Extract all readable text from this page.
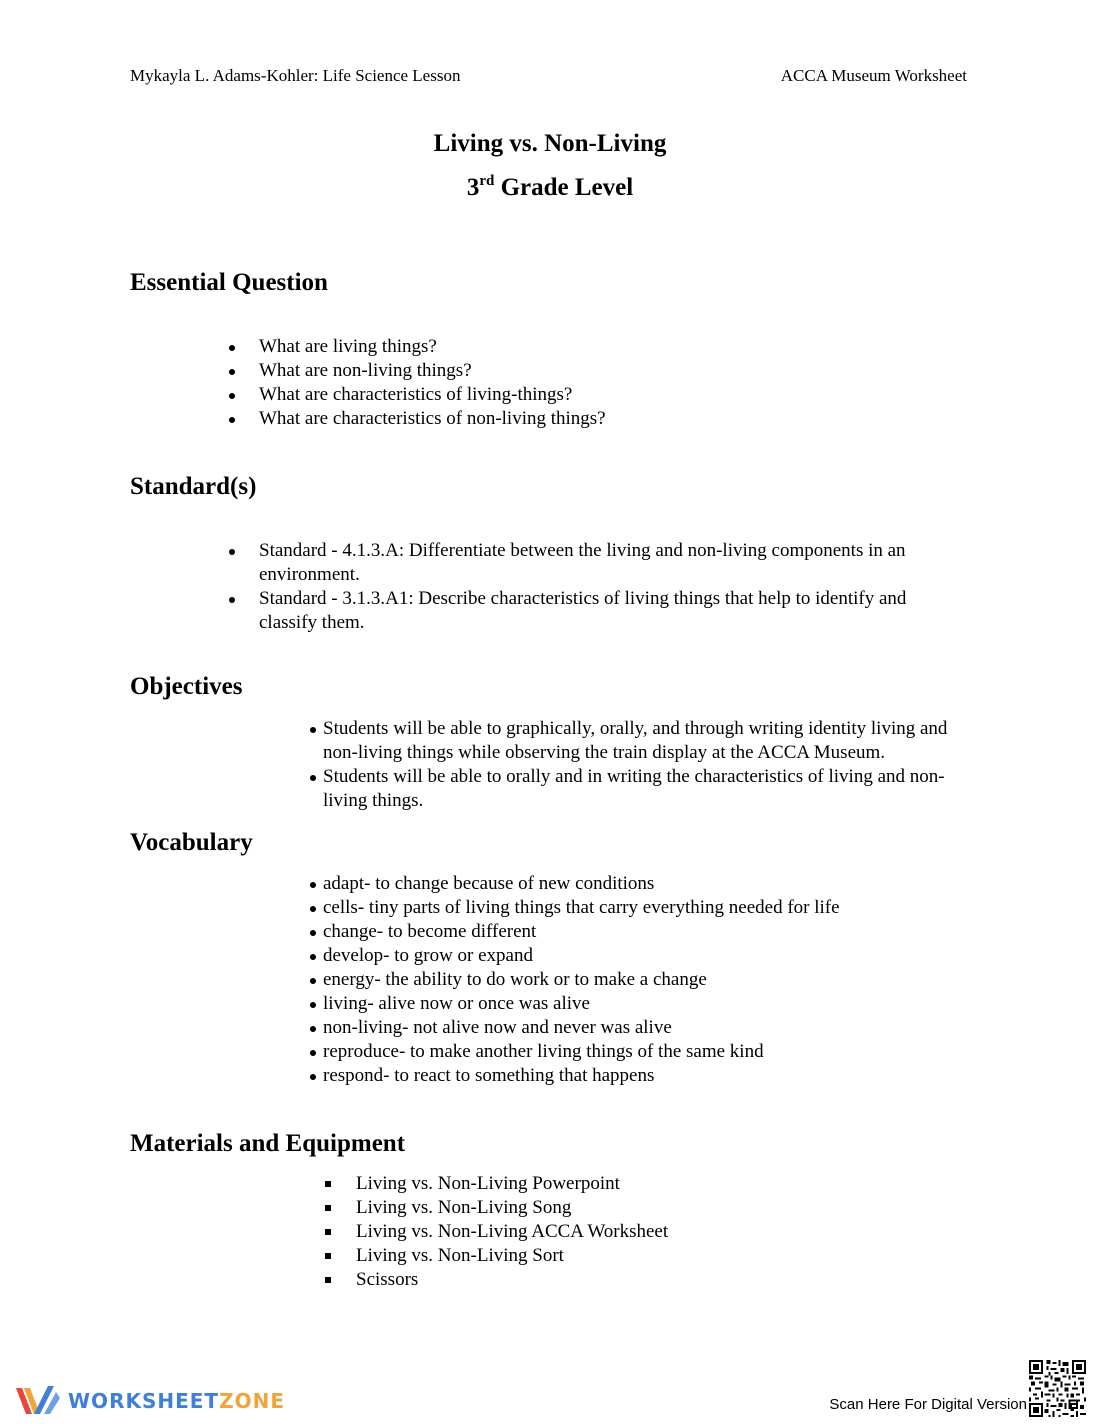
Mykayla L. Adams-Kohler: Life Science Lesson	ACCA Museum Worksheet
Living vs. Non-Living
3rd Grade Level
Essential Question
What are living things?
What are non-living things?
What are characteristics of living-things?
What are characteristics of non-living things?
Standard(s)
Standard - 4.1.3.A: Differentiate between the living and non-living components in an environment.
Standard - 3.1.3.A1: Describe characteristics of living things that help to identify and classify them.
Objectives
Students will be able to graphically, orally, and through writing identity living and non-living things while observing the train display at the ACCA Museum.
Students will be able to orally and in writing the characteristics of living and non-living things.
Vocabulary
adapt- to change because of new conditions
cells- tiny parts of living things that carry everything needed for life
change- to become different
develop- to grow or expand
energy- the ability to do work or to make a change
living- alive now or once was alive
non-living- not alive now and never was alive
reproduce- to make another living things of the same kind
respond- to react to something that happens
Materials and Equipment
Living vs. Non-Living Powerpoint
Living vs. Non-Living Song
Living vs. Non-Living ACCA Worksheet
Living vs. Non-Living Sort
Scissors
WORKSHEETZONE	Scan Here For Digital Version
